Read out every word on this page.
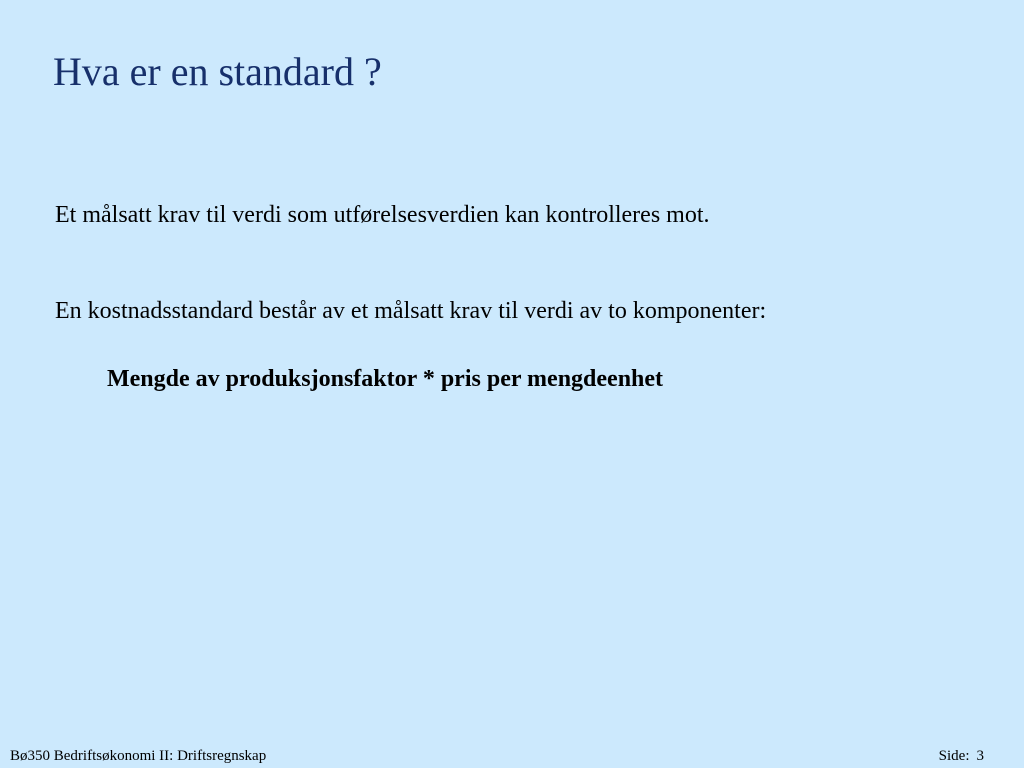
Hva er en standard ?
Et målsatt krav til verdi som utførelsesverdien kan kontrolleres mot.
En kostnadsstandard består av et målsatt krav til verdi av to komponenter:
Mengde av produksjonsfaktor * pris per mengdeenhet
Bø350 Bedriftsøkonomi II: Driftsregnskap	Side: 3
